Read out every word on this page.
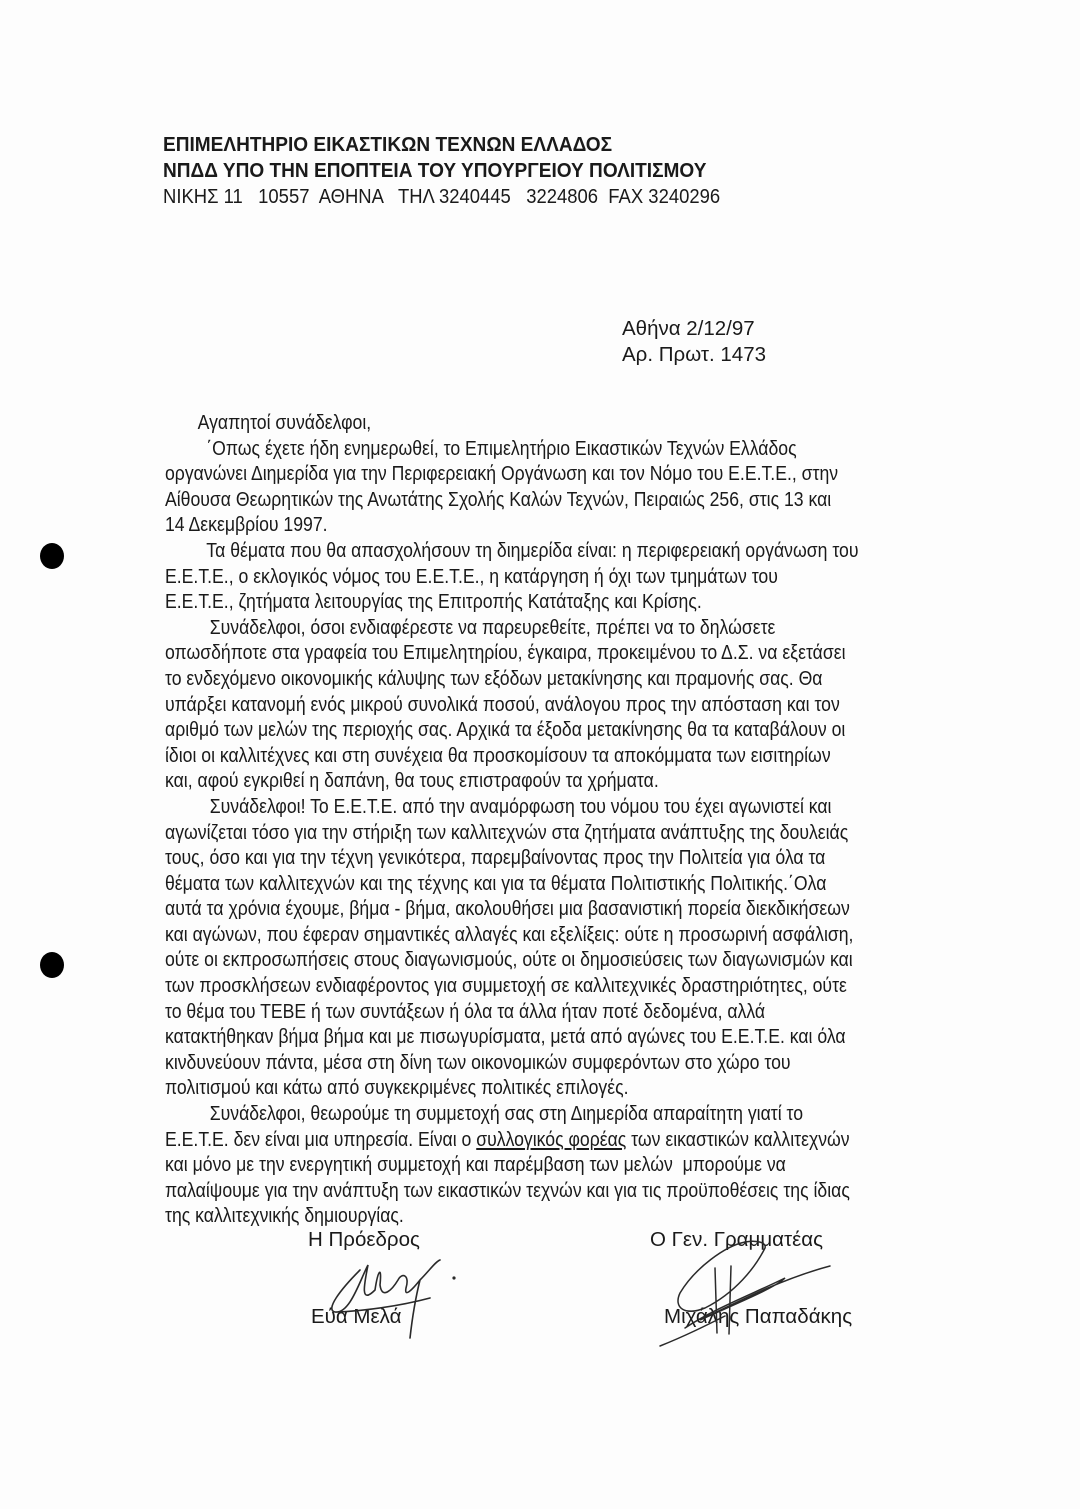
ΕΠΙΜΕΛΗΤΗΡΙΟ ΕΙΚΑΣΤΙΚΩΝ ΤΕΧΝΩΝ ΕΛΛΑΔΟΣ
ΝΠΔΔ ΥΠΟ ΤΗΝ ΕΠΟΠΤΕΙΑ ΤΟΥ ΥΠΟΥΡΓΕΙΟΥ ΠΟΛΙΤΙΣΜΟΥ
ΝΙΚΗΣ 11 10557  ΑΘΗΝΑ ΤΗΛ 3240445 3224806 FAX 3240296
Αθήνα 2/12/97
Αρ. Πρωτ. 1473
Αγαπητοί συνάδελφοι,
΄Οπως έχετε ήδη ενημερωθεί, το Επιμελητήριο Εικαστικών Τεχνών Ελλάδος
οργανώνει Διημερίδα για την Περιφερειακή Οργάνωση και τον Νόμο του Ε.Ε.Τ.Ε., στην
Αίθουσα Θεωρητικών της Ανωτάτης Σχολής Καλών Τεχνών, Πειραιώς 256, στις 13 και
14 Δεκεμβρίου 1997.
Τα θέματα που θα απασχολήσουν τη διημερίδα είναι: η περιφερειακή οργάνωση του
Ε.Ε.Τ.Ε., ο εκλογικός νόμος του Ε.Ε.Τ.Ε., η κατάργηση ή όχι των τμημάτων του
Ε.Ε.Τ.Ε., ζητήματα λειτουργίας της Επιτροπής Κατάταξης και Κρίσης.
Συνάδελφοι, όσοι ενδιαφέρεστε να παρευρεθείτε, πρέπει να το δηλώσετε
οπωσδήποτε στα γραφεία του Επιμελητηρίου, έγκαιρα, προκειμένου το Δ.Σ. να εξετάσει
το ενδεχόμενο οικονομικής κάλυψης των εξόδων μετακίνησης και πραμονής σας. Θα
υπάρξει κατανομή ενός μικρού συνολικά ποσού, ανάλογου προς την απόσταση και τον
αριθμό των μελών της περιοχής σας. Αρχικά τα έξοδα μετακίνησης θα τα καταβάλουν οι
ίδιοι οι καλλιτέχνες και στη συνέχεια θα προσκομίσουν τα αποκόμματα των εισιτηρίων
και, αφού εγκριθεί η δαπάνη, θα τους επιστραφούν τα χρήματα.
Συνάδελφοι! Το Ε.Ε.Τ.Ε. από την αναμόρφωση του νόμου του έχει αγωνιστεί και
αγωνίζεται τόσο για την στήριξη των καλλιτεχνών στα ζητήματα ανάπτυξης της δουλειάς
τους, όσο και για την τέχνη γενικότερα, παρεμβαίνοντας προς την Πολιτεία για όλα τα
θέματα των καλλιτεχνών και της τέχνης και για τα θέματα Πολιτιστικής Πολιτικής.΄Ολα
αυτά τα χρόνια έχουμε, βήμα - βήμα, ακολουθήσει μια βασανιστική πορεία διεκδικήσεων
και αγώνων, που έφεραν σημαντικές αλλαγές και εξελίξεις: ούτε η προσωρινή ασφάλιση,
ούτε οι εκπροσωπήσεις στους διαγωνισμούς, ούτε οι δημοσιεύσεις των διαγωνισμών και
των προσκλήσεων ενδιαφέροντος για συμμετοχή σε καλλιτεχνικές δραστηριότητες, ούτε
το θέμα του ΤΕΒΕ ή των συντάξεων ή όλα τα άλλα ήταν ποτέ δεδομένα, αλλά
κατακτήθηκαν βήμα βήμα και με πισωγυρίσματα, μετά από αγώνες του Ε.Ε.Τ.Ε. και όλα
κινδυνεύουν πάντα, μέσα στη δίνη των οικονομικών συμφερόντων στο χώρο του
πολιτισμού και κάτω από συγκεκριμένες πολιτικές επιλογές.
Συνάδελφοι, θεωρούμε τη συμμετοχή σας στη Διημερίδα απαραίτητη γιατί το
Ε.Ε.Τ.Ε. δεν είναι μια υπηρεσία. Είναι ο συλλογικός φορέας των εικαστικών καλλιτεχνών
και μόνο με την ενεργητική συμμετοχή και παρέμβαση των μελών  μπορούμε να
παλαίψουμε για την ανάπτυξη των εικαστικών τεχνών και για τις προϋποθέσεις της ίδιας
της καλλιτεχνικής δημιουργίας.
Η Πρόεδρος
Εύα Μελά
Ο Γεν. Γραμματέας
Μιχάλης Παπαδάκης
